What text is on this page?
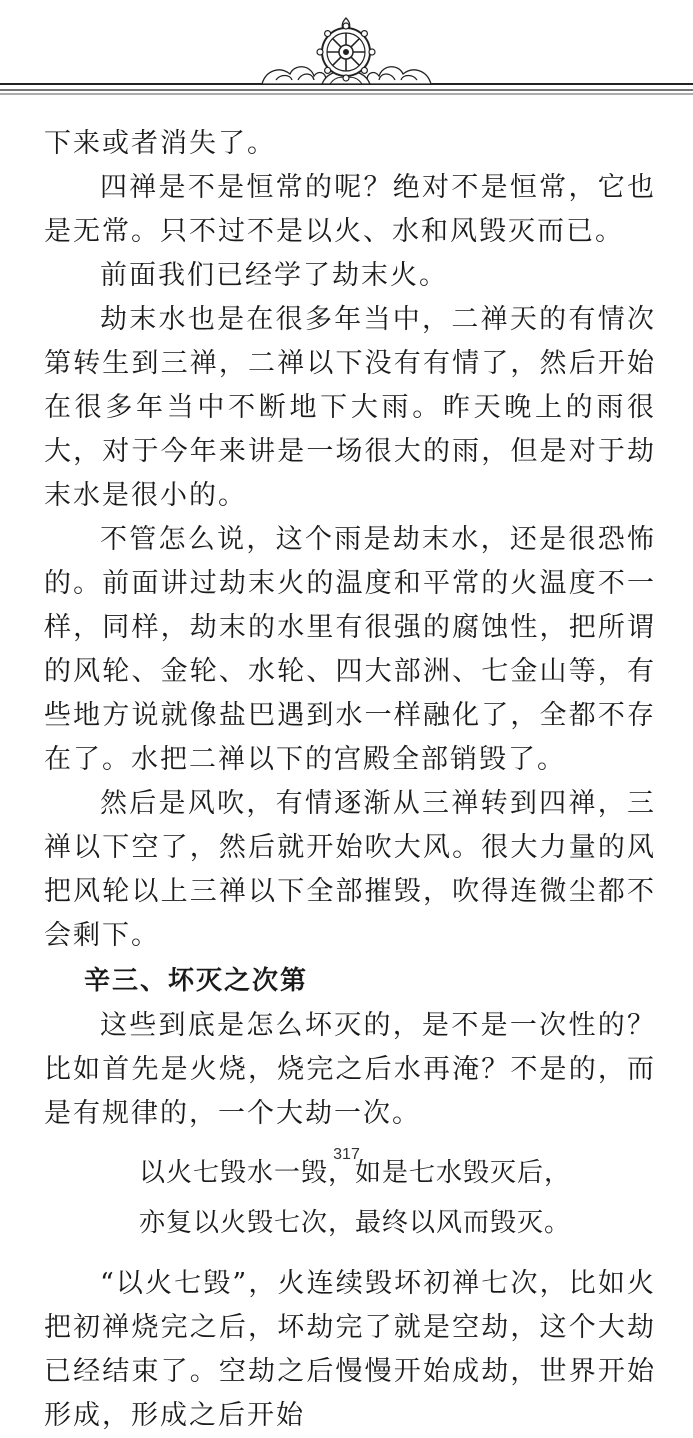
下来或者消失了。

四禅是不是恒常的呢？绝对不是恒常，它也是无常。只不过不是以火、水和风毁灭而已。

前面我们已经学了劫末火。

劫末水也是在很多年当中，二禅天的有情次第转生到三禅，二禅以下没有有情了，然后开始在很多年当中不断地下大雨。昨天晚上的雨很大，对于今年来讲是一场很大的雨，但是对于劫末水是很小的。

不管怎么说，这个雨是劫末水，还是很恐怖的。前面讲过劫末火的温度和平常的火温度不一样，同样，劫末的水里有很强的腐蚀性，把所谓的风轮、金轮、水轮、四大部洲、七金山等，有些地方说就像盐巴遇到水一样融化了，全都不存在了。水把二禅以下的宫殿全部销毁了。

然后是风吹，有情逐渐从三禅转到四禅，三禅以下空了，然后就开始吹大风。很大力量的风把风轮以上三禅以下全部摧毁，吹得连微尘都不会剩下。

辛三、坏灭之次第

这些到底是怎么坏灭的，是不是一次性的？比如首先是火烧，烧完之后水再淹？不是的，而是有规律的，一个大劫一次。

以火七毁水一毁，如是七水毁灭后，

亦复以火毁七次，最终以风而毁灭。

“以火七毁”，火连续毁坏初禅七次，比如火把初禅烧完之后，坏劫完了就是空劫，这个大劫已经结束了。空劫之后慢慢开始成劫，世界开始形成，形成之后开始

317
